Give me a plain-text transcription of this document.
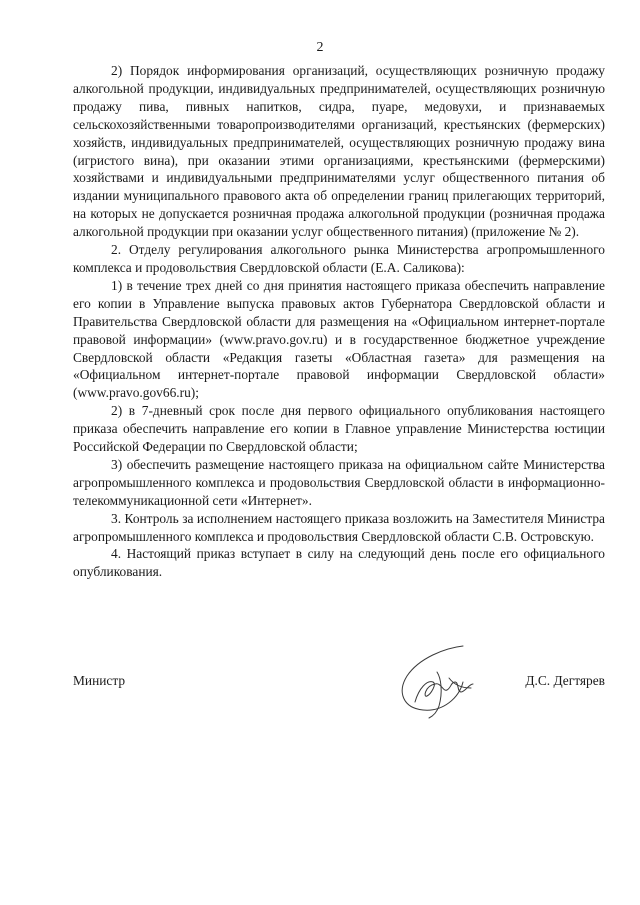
2

2) Порядок информирования организаций, осуществляющих розничную продажу алкогольной продукции, индивидуальных предпринимателей, осуществляющих розничную продажу пива, пивных напитков, сидра, пуаре, медовухи, и признаваемых сельскохозяйственными товаропроизводителями организаций, крестьянских (фермерских) хозяйств, индивидуальных предпринимателей, осуществляющих розничную продажу вина (игристого вина), при оказании этими организациями, крестьянскими (фермерскими) хозяйствами и индивидуальными предпринимателями услуг общественного питания об издании муниципального правового акта об определении границ прилегающих территорий, на которых не допускается розничная продажа алкогольной продукции (розничная продажа алкогольной продукции при оказании услуг общественного питания) (приложение № 2).

2. Отделу регулирования алкогольного рынка Министерства агропромышленного комплекса и продовольствия Свердловской области (Е.А. Саликова):

1) в течение трех дней со дня принятия настоящего приказа обеспечить направление его копии в Управление выпуска правовых актов Губернатора Свердловской области и Правительства Свердловской области для размещения на «Официальном интернет-портале правовой информации» (www.pravo.gov.ru) и в государственное бюджетное учреждение Свердловской области «Редакция газеты «Областная газета» для размещения на «Официальном интернет-портале правовой информации Свердловской области» (www.pravo.gov66.ru);

2) в 7-дневный срок после дня первого официального опубликования настоящего приказа обеспечить направление его копии в Главное управление Министерства юстиции Российской Федерации по Свердловской области;

3) обеспечить размещение настоящего приказа на официальном сайте Министерства агропромышленного комплекса и продовольствия Свердловской области в информационно-телекоммуникационной сети «Интернет».

3. Контроль за исполнением настоящего приказа возложить на Заместителя Министра агропромышленного комплекса и продовольствия Свердловской области С.В. Островскую.

4. Настоящий приказ вступает в силу на следующий день после его официального опубликования.

Министр	Д.С. Дегтярев
